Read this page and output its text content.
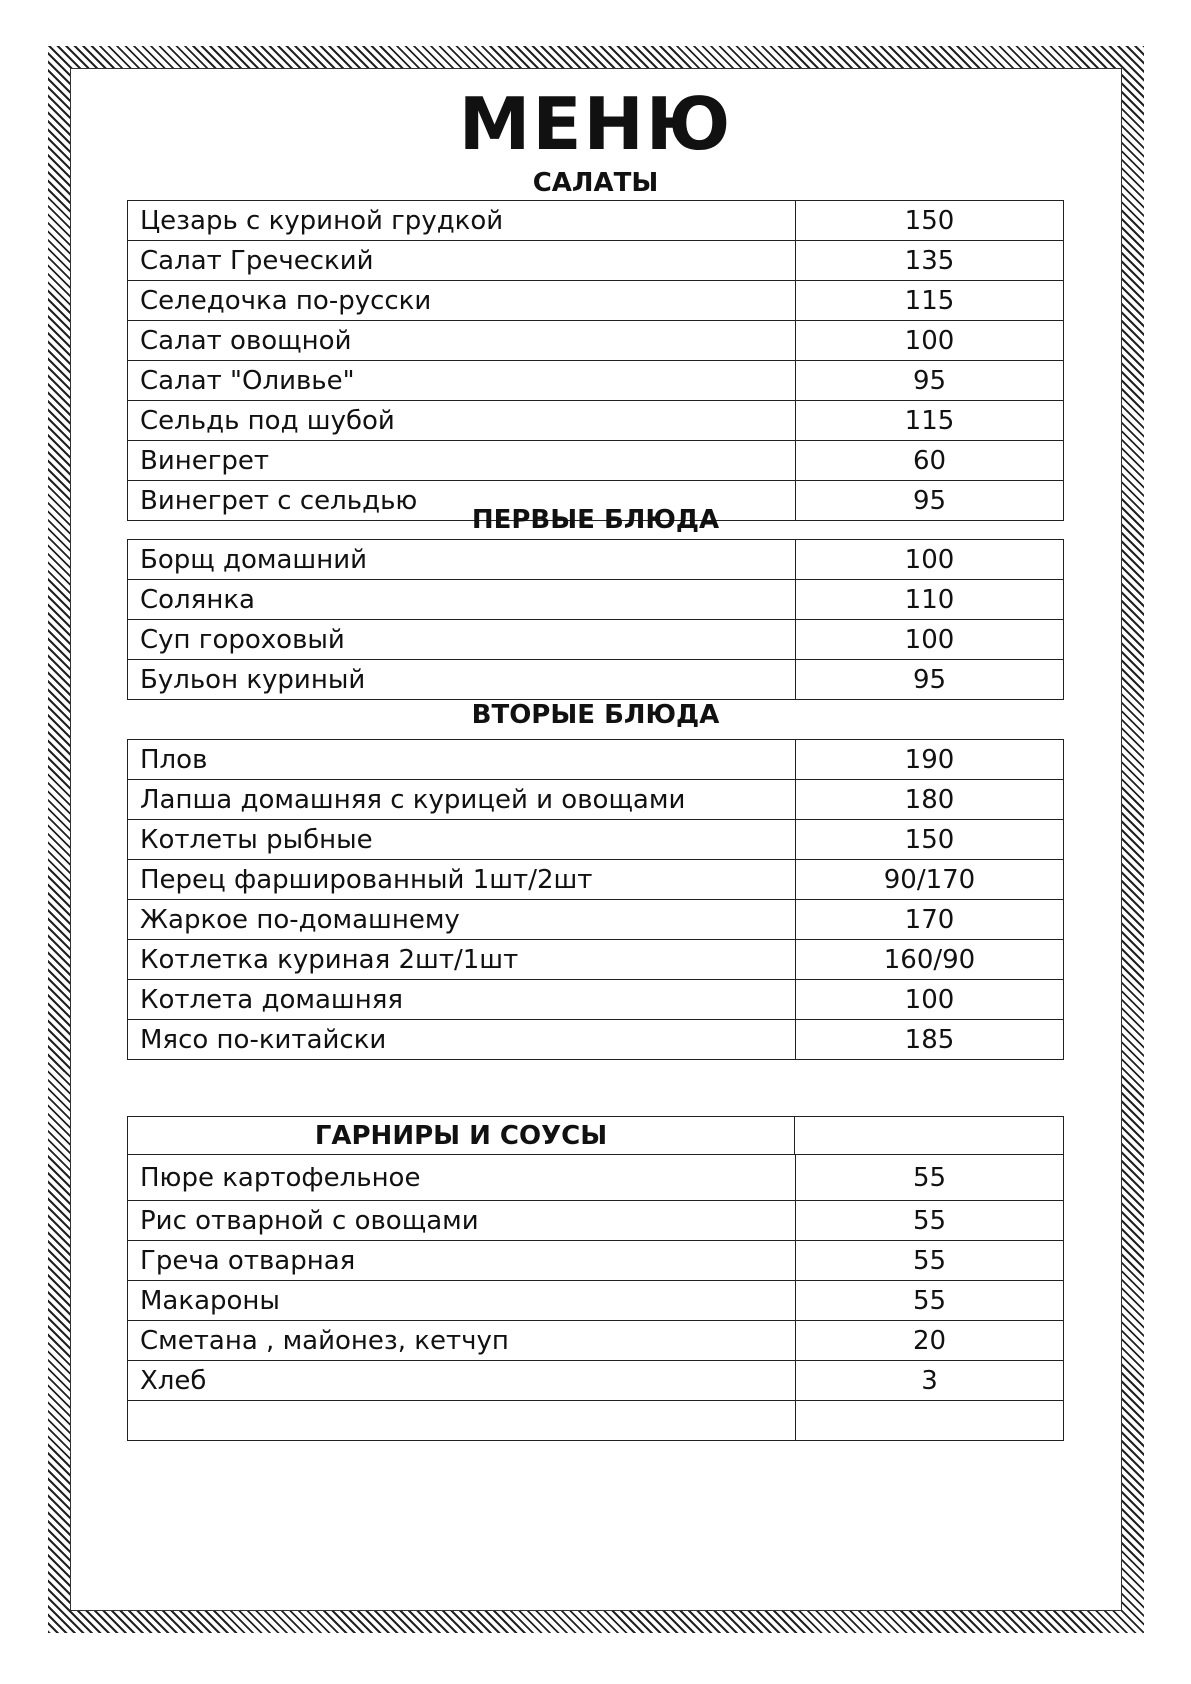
МЕНЮ
САЛАТЫ
Цезарь с куриной грудкой	150
Салат Греческий	135
Селедочка по-русски	115
Салат овощной	100
Салат "Оливье"	95
Сельдь под шубой	115
Винегрет	60
Винегрет с сельдью	95
ПЕРВЫЕ БЛЮДА
Борщ домашний	100
Солянка	110
Суп гороховый	100
Бульон куриный	95
ВТОРЫЕ БЛЮДА
Плов	190
Лапша домашняя с курицей и овощами	180
Котлеты рыбные	150
Перец фаршированный 1шт/2шт	90/170
Жаркое по-домашнему	170
Котлетка куриная 2шт/1шт	160/90
Котлета домашняя	100
Мясо по-китайски	185
ГАРНИРЫ И СОУСЫ
Пюре картофельное	55
Рис отварной с овощами	55
Греча отварная	55
Макароны	55
Сметана , майонез, кетчуп	20
Хлеб	3
